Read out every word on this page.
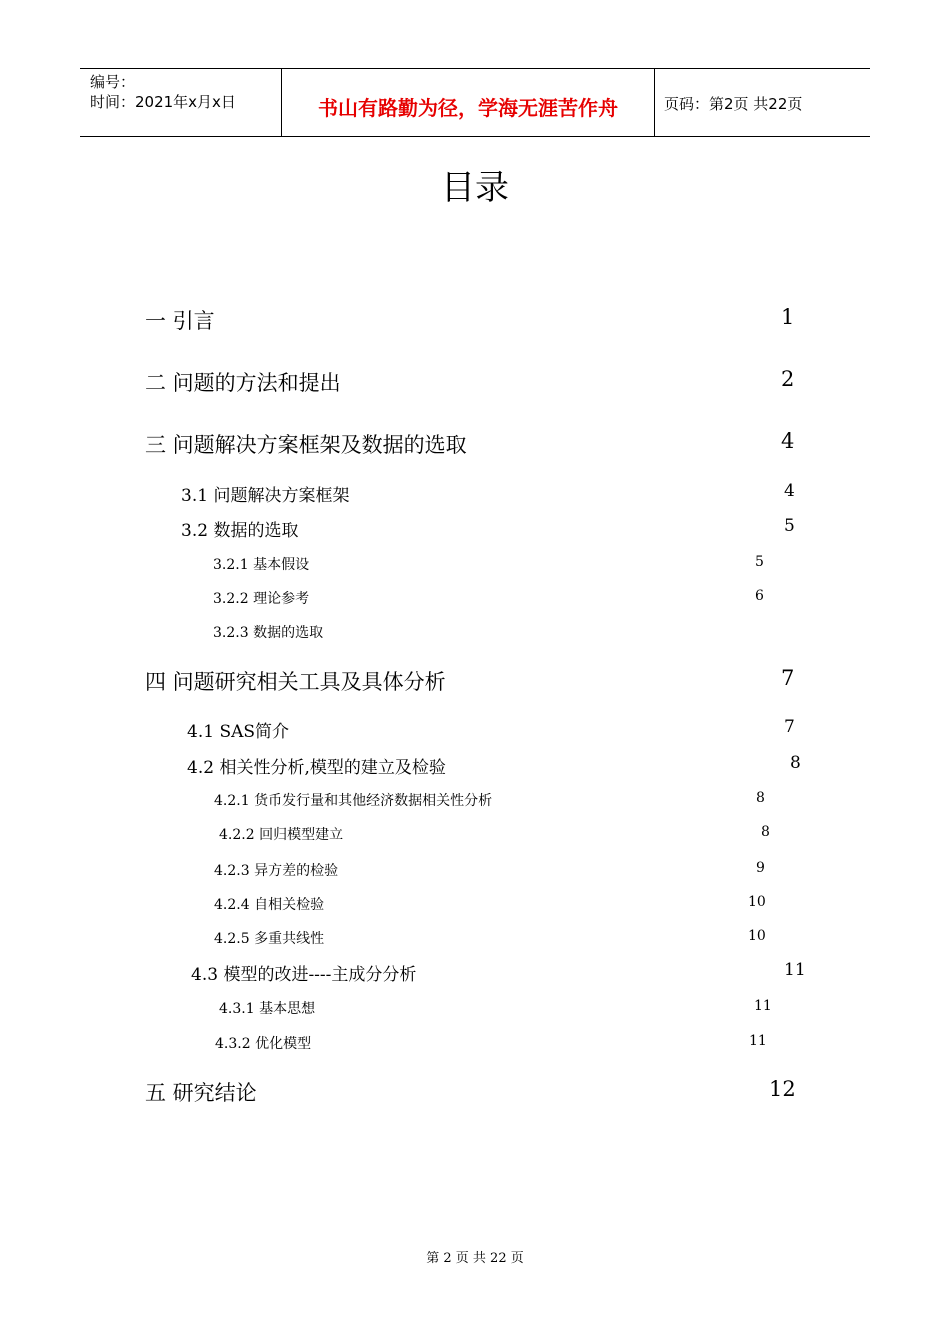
编号：
时间：2021年x月x日	书山有路勤为径，学海无涯苦作舟	页码：第2页 共22页
目录
一 引言	1
二 问题的方法和提出	2
三 问题解决方案框架及数据的选取	4
3.1 问题解决方案框架	4
3.2 数据的选取	5
3.2.1 基本假设	5
3.2.2 理论参考	6
3.2.3 数据的选取
四 问题研究相关工具及具体分析	7
4.1 SAS简介	7
4.2 相关性分析,模型的建立及检验	8
4.2.1 货币发行量和其他经济数据相关性分析	8
4.2.2 回归模型建立	8
4.2.3 异方差的检验	9
4.2.4 自相关检验	10
4.2.5 多重共线性	10
4.3 模型的改进----主成分分析	11
4.3.1 基本思想	11
4.3.2 优化模型	11
五 研究结论	12
第 2 页 共 22 页
